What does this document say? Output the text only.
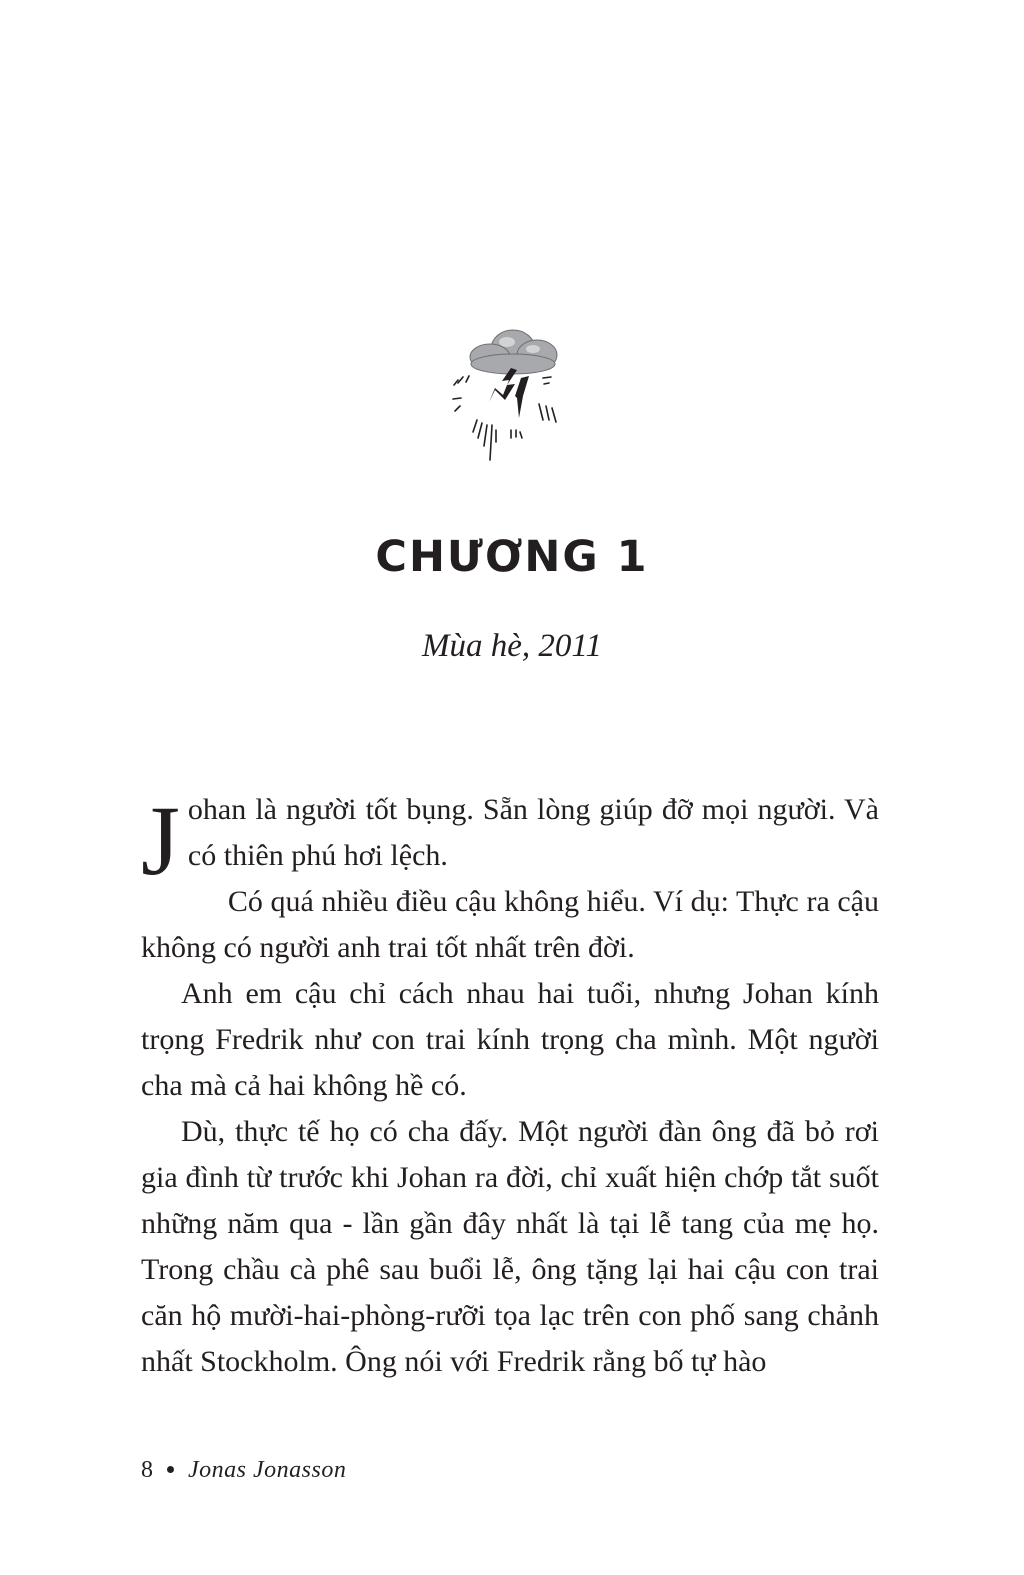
CHƯƠNG 1
Mùa hè, 2011

Johan là người tốt bụng. Sẵn lòng giúp đỡ mọi người. Và có thiên phú hơi lệch.

Có quá nhiều điều cậu không hiểu. Ví dụ: Thực ra cậu không có người anh trai tốt nhất trên đời.

Anh em cậu chỉ cách nhau hai tuổi, nhưng Johan kính trọng Fredrik như con trai kính trọng cha mình. Một người cha mà cả hai không hề có.

Dù, thực tế họ có cha đấy. Một người đàn ông đã bỏ rơi gia đình từ trước khi Johan ra đời, chỉ xuất hiện chớp tắt suốt những năm qua - lần gần đây nhất là tại lễ tang của mẹ họ. Trong chầu cà phê sau buổi lễ, ông tặng lại hai cậu con trai căn hộ mười-hai-phòng-rưỡi tọa lạc trên con phố sang chảnh nhất Stockholm. Ông nói với Fredrik rằng bố tự hào

8 Jonas Jonasson
